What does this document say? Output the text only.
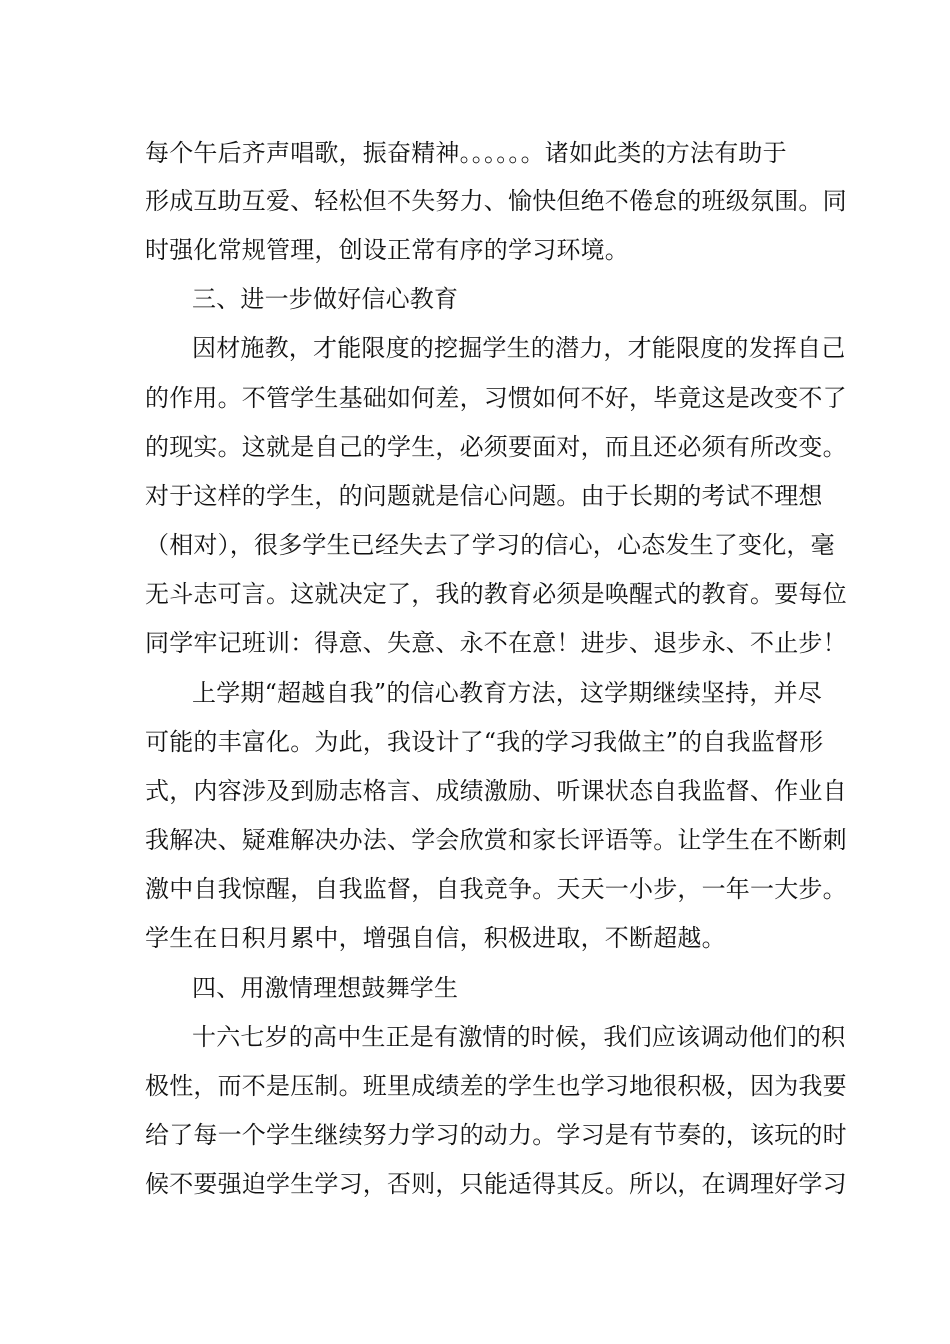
每个午后齐声唱歌，振奋精神。。。。。。诸如此类的方法有助于
形成互助互爱、轻松但不失努力、愉快但绝不倦怠的班级氛围。同
时强化常规管理，创设正常有序的学习环境。
三、进一步做好信心教育
因材施教，才能限度的挖掘学生的潜力，才能限度的发挥自己
的作用。不管学生基础如何差，习惯如何不好，毕竟这是改变不了
的现实。这就是自己的学生，必须要面对，而且还必须有所改变。
对于这样的学生，的问题就是信心问题。由于长期的考试不理想
（相对），很多学生已经失去了学习的信心，心态发生了变化，毫
无斗志可言。这就决定了，我的教育必须是唤醒式的教育。要每位
同学牢记班训：得意、失意、永不在意！进步、退步永、不止步！
上学期“超越自我”的信心教育方法，这学期继续坚持，并尽
可能的丰富化。为此，我设计了“我的学习我做主”的自我监督形
式，内容涉及到励志格言、成绩激励、听课状态自我监督、作业自
我解决、疑难解决办法、学会欣赏和家长评语等。让学生在不断刺
激中自我惊醒，自我监督，自我竞争。天天一小步，一年一大步。
学生在日积月累中，增强自信，积极进取，不断超越。
四、用激情理想鼓舞学生
十六七岁的高中生正是有激情的时候，我们应该调动他们的积
极性，而不是压制。班里成绩差的学生也学习地很积极，因为我要
给了每一个学生继续努力学习的动力。学习是有节奏的，该玩的时
候不要强迫学生学习，否则，只能适得其反。所以，在调理好学习
